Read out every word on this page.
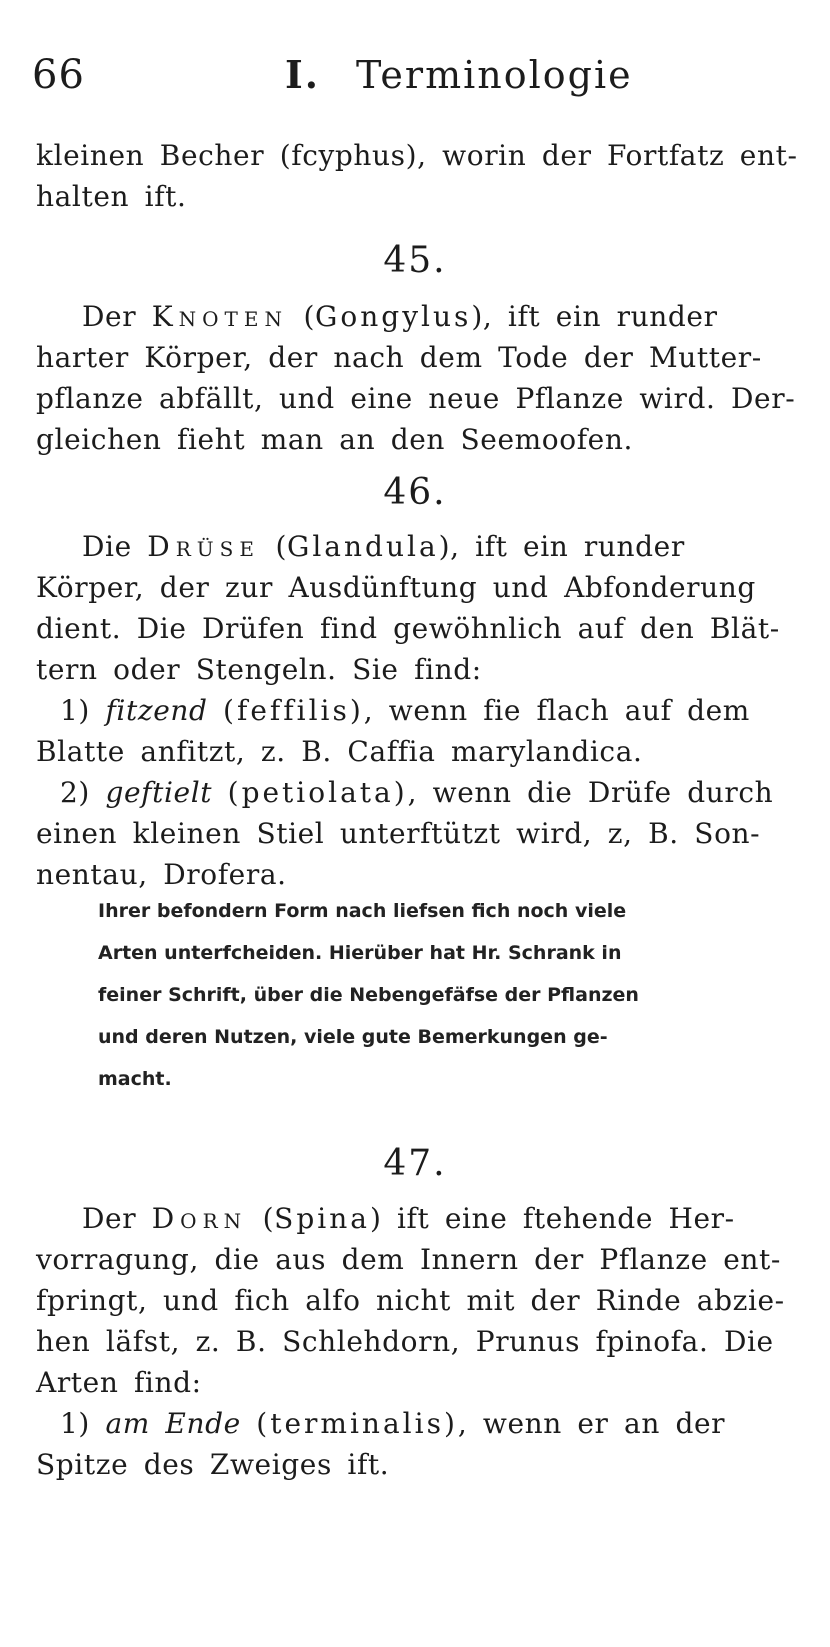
66	I. Terminologie
kleinen Becher (fcyphus), worin der Fortfatz ent-
halten ift.
45.
Der Knoten (Gongylus), ift ein runder
harter Körper, der nach dem Tode der Mutter-
pflanze abfällt, und eine neue Pflanze wird. Der-
gleichen fieht man an den Seemoofen.
46.
Die Drüse (Glandula), ift ein runder
Körper, der zur Ausdünftung und Abfonderung
dient. Die Drüfen find gewöhnlich auf den Blät-
tern oder Stengeln. Sie find:
1) fitzend (feffilis), wenn fie flach auf dem
Blatte anfitzt, z. B. Caffia marylandica.
2) geftielt (petiolata), wenn die Drüfe durch
einen kleinen Stiel unterftützt wird, z, B. Son-
nentau, Drofera.
Ihrer befondern Form nach liefsen fich noch viele
Arten unterfcheiden. Hierüber hat Hr. Schrank in
feiner Schrift, über die Nebengefäfse der Pflanzen
und deren Nutzen, viele gute Bemerkungen ge-
macht.
47.
Der Dorn (Spina) ift eine ftehende Her-
vorragung, die aus dem Innern der Pflanze ent-
fpringt, und fich alfo nicht mit der Rinde abzie-
hen läfst, z. B. Schlehdorn, Prunus fpinofa. Die
Arten find:
1) am Ende (terminalis), wenn er an der
Spitze des Zweiges ift.
